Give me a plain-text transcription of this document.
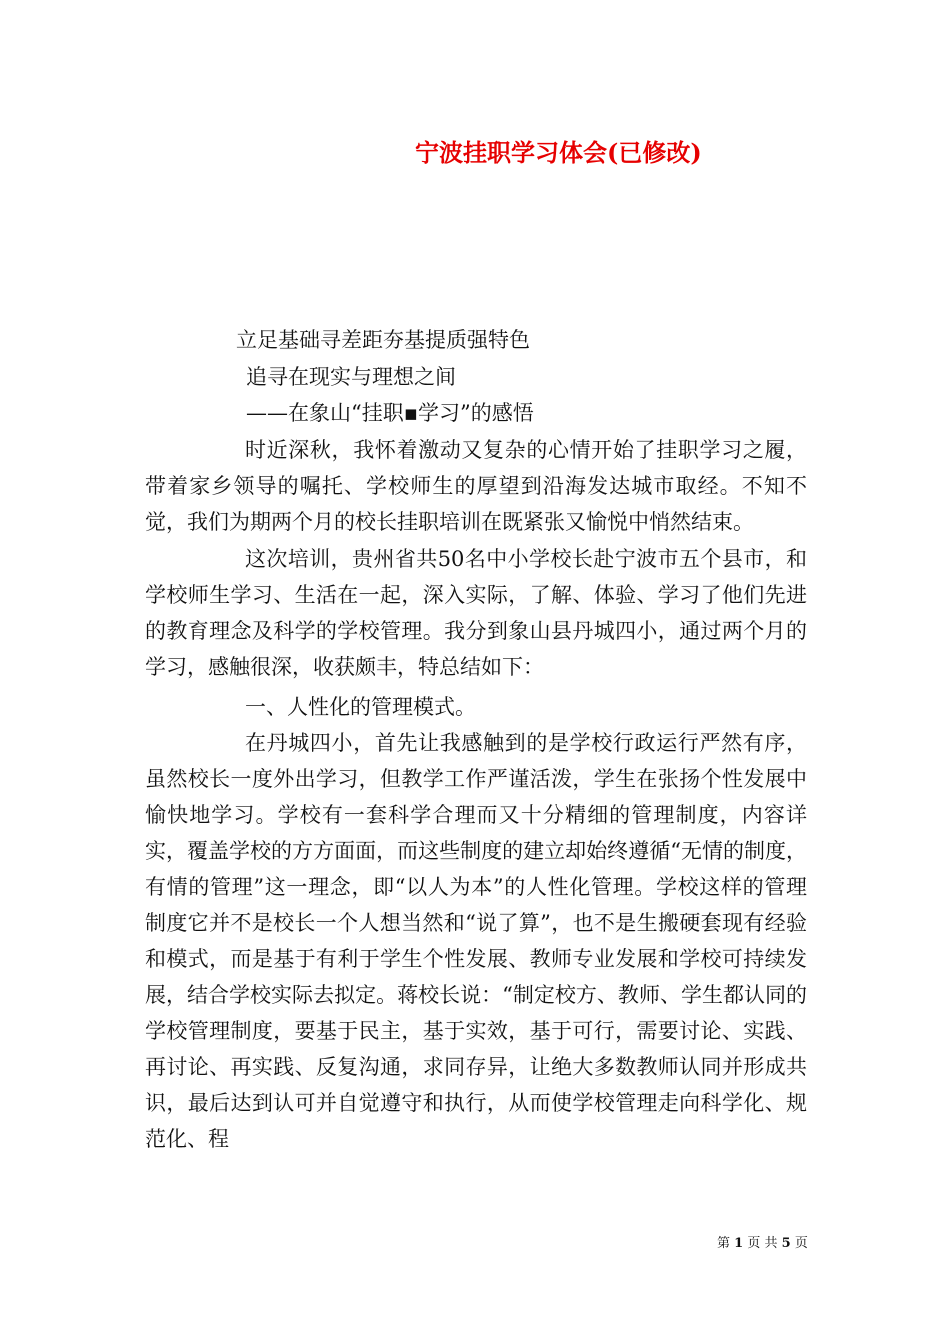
宁波挂职学习体会(已修改)
立足基础寻差距夯基提质强特色
追寻在现实与理想之间
——在象山“挂职▪学习”的感悟
时近深秋，我怀着激动又复杂的心情开始了挂职学习之履，带着家乡领导的嘱托、学校师生的厚望到沿海发达城市取经。不知不觉，我们为期两个月的校长挂职培训在既紧张又愉悦中悄然结束。
这次培训，贵州省共50名中小学校长赴宁波市五个县市，和学校师生学习、生活在一起，深入实际，了解、体验、学习了他们先进的教育理念及科学的学校管理。我分到象山县丹城四小，通过两个月的学习，感触很深，收获颇丰，特总结如下：
一、人性化的管理模式。
在丹城四小，首先让我感触到的是学校行政运行严然有序，虽然校长一度外出学习，但教学工作严谨活泼，学生在张扬个性发展中愉快地学习。学校有一套科学合理而又十分精细的管理制度，内容详实，覆盖学校的方方面面，而这些制度的建立却始终遵循“无情的制度，有情的管理”这一理念，即“以人为本”的人性化管理。学校这样的管理制度它并不是校长一个人想当然和“说了算”，也不是生搬硬套现有经验和模式，而是基于有利于学生个性发展、教师专业发展和学校可持续发展，结合学校实际去拟定。蒋校长说：“制定校方、教师、学生都认同的学校管理制度，要基于民主，基于实效，基于可行，需要讨论、实践、再讨论、再实践、反复沟通，求同存异，让绝大多数教师认同并形成共识，最后达到认可并自觉遵守和执行，从而使学校管理走向科学化、规范化、程
第 1 页 共 5 页
